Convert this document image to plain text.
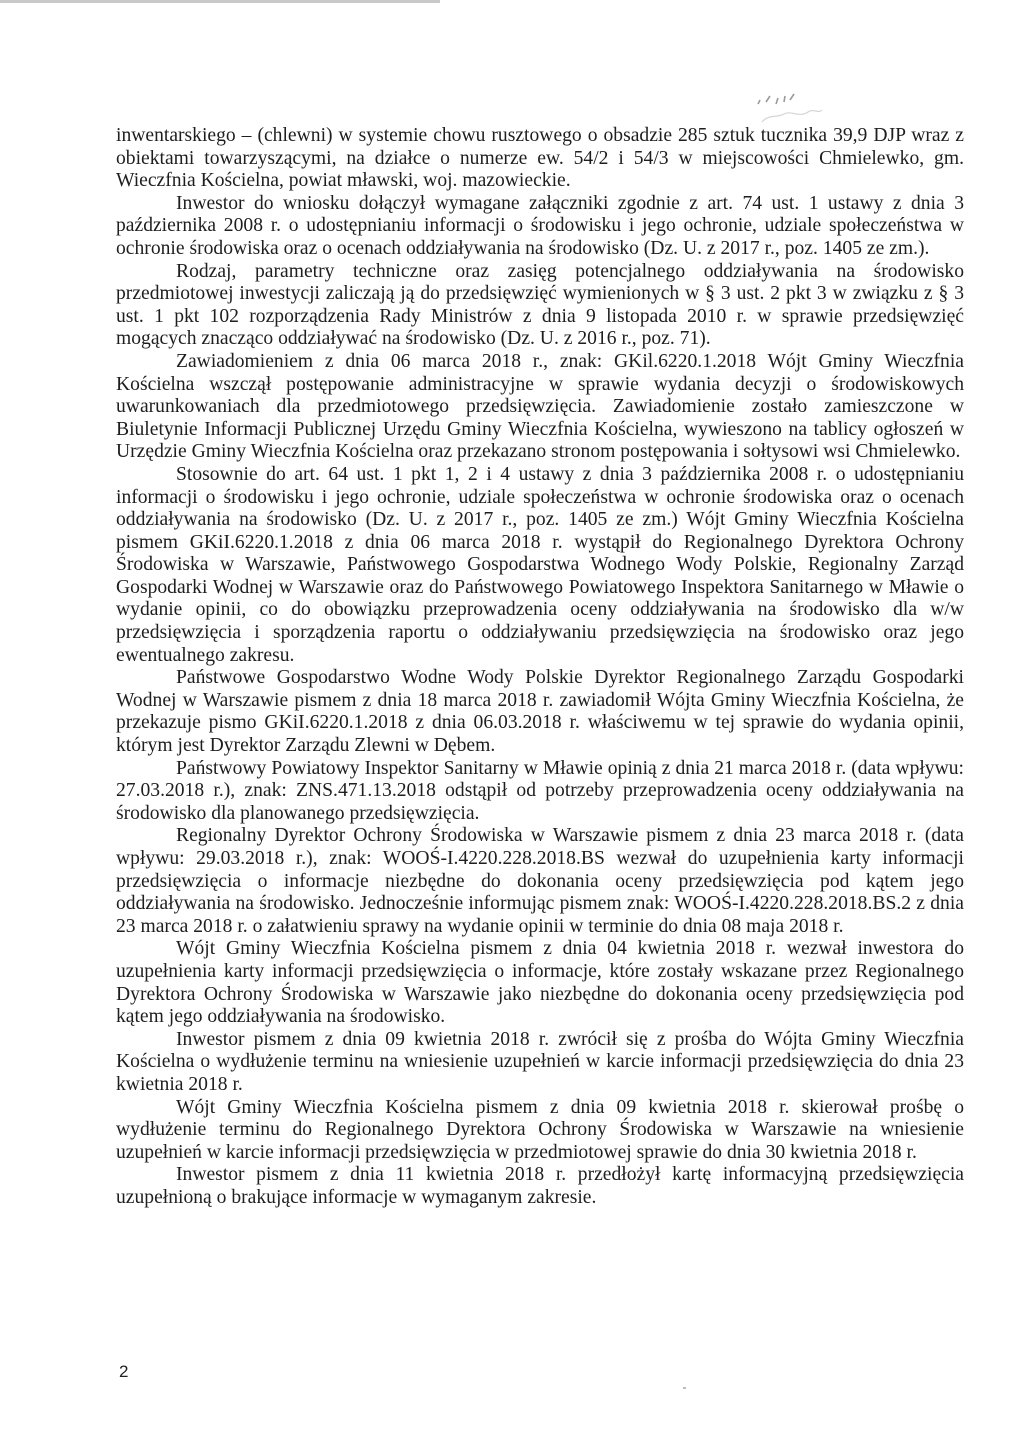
inwentarskiego – (chlewni) w systemie chowu rusztowego o obsadzie 285 sztuk tucznika 39,9 DJP wraz z obiektami towarzyszącymi, na działce o numerze ew. 54/2 i 54/3 w miejscowości Chmielewko, gm. Wieczfnia Kościelna, powiat mławski, woj. mazowieckie.

Inwestor do wniosku dołączył wymagane załączniki zgodnie z art. 74 ust. 1 ustawy z dnia 3 października 2008 r. o udostępnianiu informacji o środowisku i jego ochronie, udziale społeczeństwa w ochronie środowiska oraz o ocenach oddziaływania na środowisko (Dz. U. z 2017 r., poz. 1405 ze zm.).

Rodzaj, parametry techniczne oraz zasięg potencjalnego oddziaływania na środowisko przedmiotowej inwestycji zaliczają ją do przedsięwzięć wymienionych w § 3 ust. 2 pkt 3 w związku z § 3 ust. 1 pkt 102 rozporządzenia Rady Ministrów z dnia 9 listopada 2010 r. w sprawie przedsięwzięć mogących znacząco oddziaływać na środowisko (Dz. U. z 2016 r., poz. 71).

Zawiadomieniem z dnia 06 marca 2018 r., znak: GKil.6220.1.2018 Wójt Gminy Wieczfnia Kościelna wszczął postępowanie administracyjne w sprawie wydania decyzji o środowiskowych uwarunkowaniach dla przedmiotowego przedsięwzięcia. Zawiadomienie zostało zamieszczone w Biuletynie Informacji Publicznej Urzędu Gminy Wieczfnia Kościelna, wywieszono na tablicy ogłoszeń w Urzędzie Gminy Wieczfnia Kościelna oraz przekazano stronom postępowania i sołtysowi wsi Chmielewko.

Stosownie do art. 64 ust. 1 pkt 1, 2 i 4 ustawy z dnia 3 października 2008 r. o udostępnianiu informacji o środowisku i jego ochronie, udziale społeczeństwa w ochronie środowiska oraz o ocenach oddziaływania na środowisko (Dz. U. z 2017 r., poz. 1405 ze zm.) Wójt Gminy Wieczfnia Kościelna pismem GKiI.6220.1.2018 z dnia 06 marca 2018 r. wystąpił do Regionalnego Dyrektora Ochrony Środowiska w Warszawie, Państwowego Gospodarstwa Wodnego Wody Polskie, Regionalny Zarząd Gospodarki Wodnej w Warszawie oraz do Państwowego Powiatowego Inspektora Sanitarnego w Mławie o wydanie opinii, co do obowiązku przeprowadzenia oceny oddziaływania na środowisko dla w/w przedsięwzięcia i sporządzenia raportu o oddziaływaniu przedsięwzięcia na środowisko oraz jego ewentualnego zakresu.

Państwowe Gospodarstwo Wodne Wody Polskie Dyrektor Regionalnego Zarządu Gospodarki Wodnej w Warszawie pismem z dnia 18 marca 2018 r. zawiadomił Wójta Gminy Wieczfnia Kościelna, że przekazuje pismo GKiI.6220.1.2018 z dnia 06.03.2018 r. właściwemu w tej sprawie do wydania opinii, którym jest Dyrektor Zarządu Zlewni w Dębem.

Państwowy Powiatowy Inspektor Sanitarny w Mławie opinią z dnia 21 marca 2018 r. (data wpływu: 27.03.2018 r.), znak: ZNS.471.13.2018 odstąpił od potrzeby przeprowadzenia oceny oddziaływania na środowisko dla planowanego przedsięwzięcia.

Regionalny Dyrektor Ochrony Środowiska w Warszawie pismem z dnia 23 marca 2018 r. (data wpływu: 29.03.2018 r.), znak: WOOŚ-I.4220.228.2018.BS wezwał do uzupełnienia karty informacji przedsięwzięcia o informacje niezbędne do dokonania oceny przedsięwzięcia pod kątem jego oddziaływania na środowisko. Jednocześnie informując pismem znak: WOOŚ-I.4220.228.2018.BS.2 z dnia 23 marca 2018 r. o załatwieniu sprawy na wydanie opinii w terminie do dnia 08 maja 2018 r.

Wójt Gminy Wieczfnia Kościelna pismem z dnia 04 kwietnia 2018 r. wezwał inwestora do uzupełnienia karty informacji przedsięwzięcia o informacje, które zostały wskazane przez Regionalnego Dyrektora Ochrony Środowiska w Warszawie jako niezbędne do dokonania oceny przedsięwzięcia pod kątem jego oddziaływania na środowisko.

Inwestor pismem z dnia 09 kwietnia 2018 r. zwrócił się z prośba do Wójta Gminy Wieczfnia Kościelna o wydłużenie terminu na wniesienie uzupełnień w karcie informacji przedsięwzięcia do dnia 23 kwietnia 2018 r.

Wójt Gminy Wieczfnia Kościelna pismem z dnia 09 kwietnia 2018 r. skierował prośbę o wydłużenie terminu do Regionalnego Dyrektora Ochrony Środowiska w Warszawie na wniesienie uzupełnień w karcie informacji przedsięwzięcia w przedmiotowej sprawie do dnia 30 kwietnia 2018 r.

Inwestor pismem z dnia 11 kwietnia 2018 r. przedłożył kartę informacyjną przedsięwzięcia uzupełnioną o brakujące informacje w wymaganym zakresie.

2
